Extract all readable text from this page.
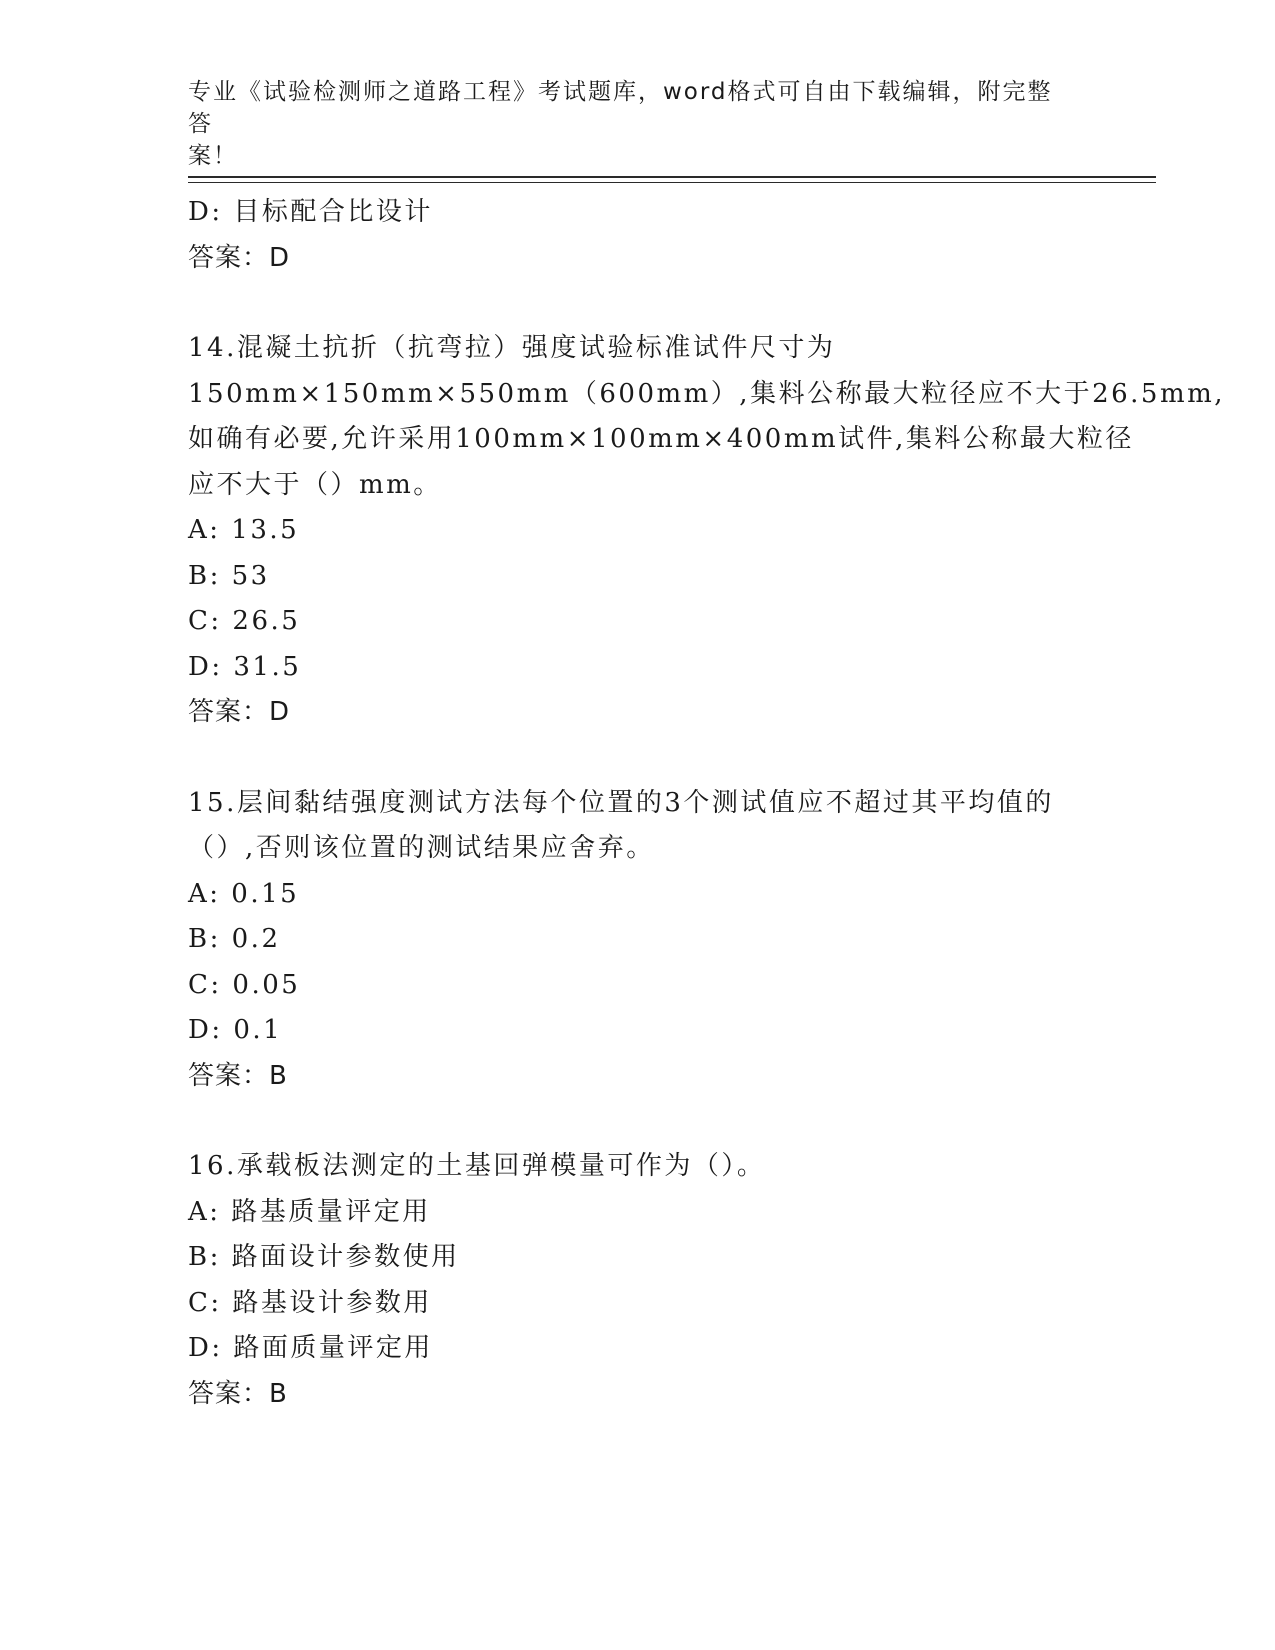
专业《试验检测师之道路工程》考试题库，word格式可自由下载编辑，附完整答
案！
D: 目标配合比设计
答案：D
14.混凝土抗折（抗弯拉）强度试验标准试件尺寸为
150mm×150mm×550mm（600mm）,集料公称最大粒径应不大于26.5mm,
如确有必要,允许采用100mm×100mm×400mm试件,集料公称最大粒径
应不大于（）mm。
A: 13.5
B: 53
C: 26.5
D: 31.5
答案：D
15.层间黏结强度测试方法每个位置的3个测试值应不超过其平均值的
（）,否则该位置的测试结果应舍弃。
A: 0.15
B: 0.2
C: 0.05
D: 0.1
答案：B
16.承载板法测定的土基回弹模量可作为（）。
A: 路基质量评定用
B: 路面设计参数使用
C: 路基设计参数用
D: 路面质量评定用
答案：B
